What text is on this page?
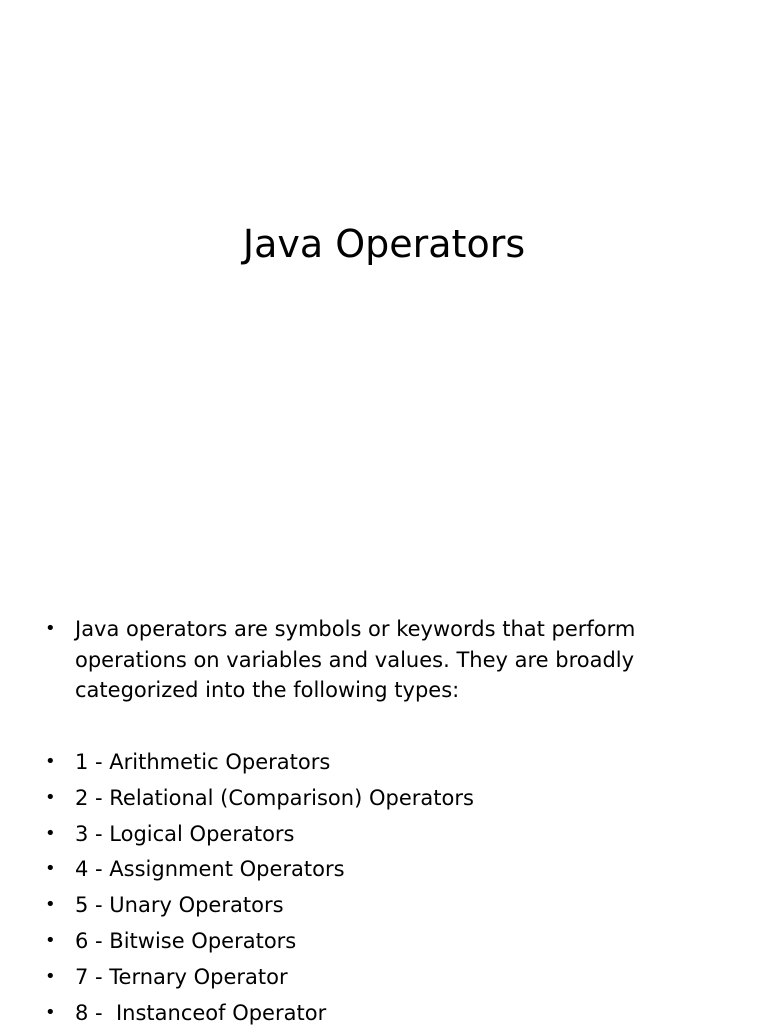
Java Operators
• Java operators are symbols or keywords that perform operations on variables and values. They are broadly categorized into the following types:
• 1 - Arithmetic Operators
• 2 - Relational (Comparison) Operators
• 3 - Logical Operators
• 4 - Assignment Operators
• 5 - Unary Operators
• 6 - Bitwise Operators
• 7 - Ternary Operator
• 8 -  Instanceof Operator
